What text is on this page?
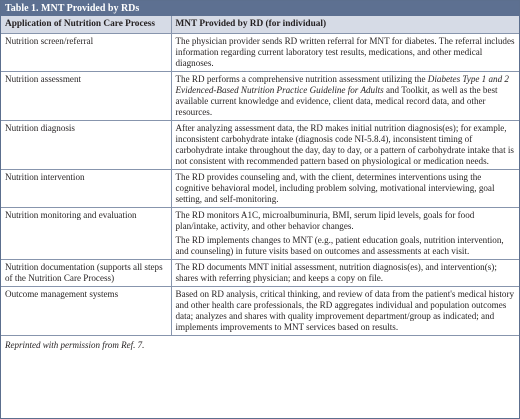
Table 1. MNT Provided by RDs
Application of Nutrition Care Process	MNT Provided by RD (for individual)
Nutrition screen/referral	The physician provider sends RD written referral for MNT for diabetes. The referral includes information regarding current laboratory test results, medications, and other medical diagnoses.
Nutrition assessment	The RD performs a comprehensive nutrition assessment utilizing the Diabetes Type 1 and 2 Evidenced-Based Nutrition Practice Guideline for Adults and Toolkit, as well as the best available current knowledge and evidence, client data, medical record data, and other resources.
Nutrition diagnosis	After analyzing assessment data, the RD makes initial nutrition diagnosis(es); for example, inconsistent carbohydrate intake (diagnosis code NI-5.8.4), inconsistent timing of carbohydrate intake throughout the day, day to day, or a pattern of carbohydrate intake that is not consistent with recommended pattern based on physiological or medication needs.
Nutrition intervention	The RD provides counseling and, with the client, determines interventions using the cognitive behavioral model, including problem solving, motivational interviewing, goal setting, and self-monitoring.
Nutrition monitoring and evaluation	The RD monitors A1C, microalbuminuria, BMI, serum lipid levels, goals for food plan/intake, activity, and other behavior changes.

The RD implements changes to MNT (e.g., patient education goals, nutrition intervention, and counseling) in future visits based on outcomes and assessments at each visit.

Nutrition documentation (supports all steps of the Nutrition Care Process)	The RD documents MNT initial assessment, nutrition diagnosis(es), and intervention(s); shares with referring physician; and keeps a copy on file.
Outcome management systems	Based on RD analysis, critical thinking, and review of data from the patient's medical history and other health care professionals, the RD aggregates individual and population outcomes data; analyzes and shares with quality improvement department/group as indicated; and implements improvements to MNT services based on results.
Reprinted with permission from Ref. 7.
